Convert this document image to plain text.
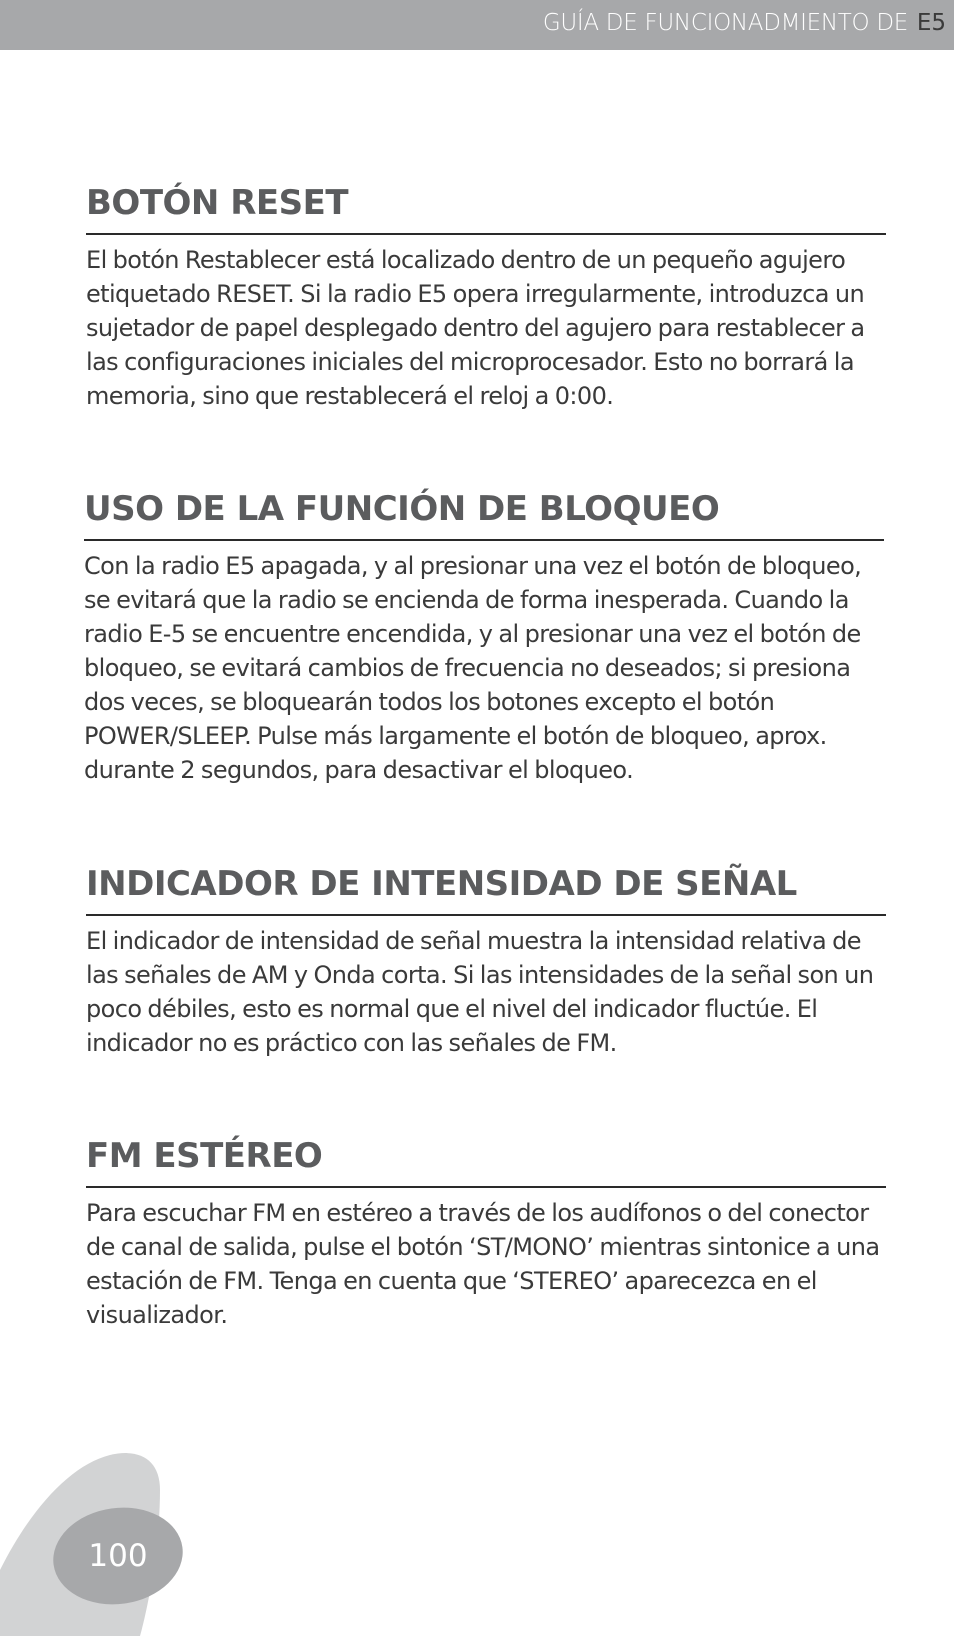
GUÍA DE FUNCIONADMIENTO DE E5
BOTÓN RESET

El botón Restablecer está localizado dentro de un pequeño agujero etiquetado RESET. Si la radio E5 opera irregularmente, introduzca un sujetador de papel desplegado dentro del agujero para restablecer a las configuraciones iniciales del microprocesador. Esto no borrará la memoria, sino que restablecerá el reloj a 0:00.

USO DE LA FUNCIÓN DE BLOQUEO

Con la radio E5 apagada, y al presionar una vez el botón de bloqueo, se evitará que la radio se encienda de forma inesperada. Cuando la radio E-5 se encuentre encendida, y al presionar una vez el botón de bloqueo, se evitará cambios de frecuencia no deseados; si presiona dos veces, se bloquearán todos los botones excepto el botón POWER/SLEEP. Pulse más largamente el botón de bloqueo, aprox. durante 2 segundos, para desactivar el bloqueo.

INDICADOR DE INTENSIDAD DE SEÑAL

El indicador de intensidad de señal muestra la intensidad relativa de las señales de AM y Onda corta. Si las intensidades de la señal son un poco débiles, esto es normal que el nivel del indicador fluctúe. El indicador no es práctico con las señales de FM.

FM ESTÉREO

Para escuchar FM en estéreo a través de los audífonos o del conector de canal de salida, pulse el botón ‘ST/MONO’ mientras sintonice a una estación de FM. Tenga en cuenta que ‘STEREO’ aparecezca en el visualizador.

100
